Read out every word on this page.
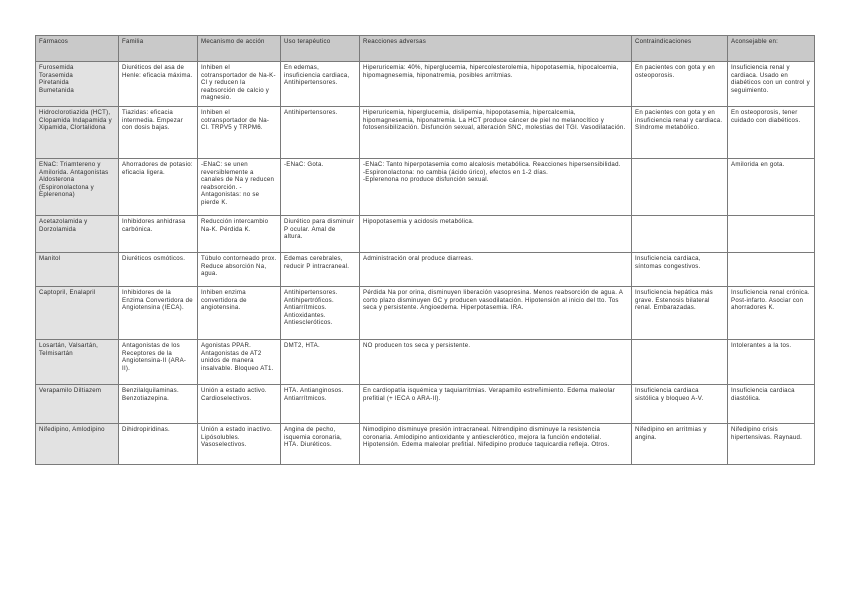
Fármacos	Familia	Mecanismo de acción	Uso terapéutico	Reacciones adversas	Contraindicaciones	Aconsejable en:
Furosemida
Torasemida
Piretanida
Bumetanida	Diuréticos del asa de Henle: eficacia máxima.	Inhiben el cotransportador de Na-K-Cl y reducen la reabsorción de calcio y magnesio.	En edemas, insuficiencia cardiaca, Antihipertensores.	Hiperuricemia: 40%, hiperglucemia, hipercolesterolemia, hipopotasemia, hipocalcemia, hipomagnesemia, hiponatremia, posibles arritmias.	En pacientes con gota y en osteoporosis.	Insuficiencia renal y cardiaca. Usado en diabéticos con un control y seguimiento.
Hidroclorotiazida (HCT), Clopamida Indapamida y Xipamida, Clortalidona	Tiazidas: eficacia intermedia. Empezar con dosis bajas.	Inhiben el cotransportador de Na-Cl. TRPV5 y TRPM6.	Antihipertensores.	Hiperuricemia, hiperglucemia, dislipemia, hipopotasemia, hipercalcemia, hipomagnesemia, hiponatremia. La HCT produce cáncer de piel no melanocítico y fotosensibilización. Disfunción sexual, alteración SNC, molestias del TGI. Vasodilatación.	En pacientes con gota y en insuficiencia renal y cardiaca. Síndrome metabólico.	En osteoporosis, tener cuidado con diabéticos.
ENaC: Triamtereno y Amilorida. Antagonistas Aldosterona (Espironolactona y Eplerenona)	Ahorradores de potasio: eficacia ligera.	-ENaC: se unen reversiblemente a canales de Na y reducen reabsorción. -Antagonistas: no se pierde K.	-ENaC: Gota.	-ENaC: Tanto hiperpotasemia como alcalosis metabólica. Reacciones hipersensibilidad.
-Espironolactona: no cambia (ácido úrico), efectos en 1-2 días.
-Eplerenona no produce disfunción sexual.		Amilorida en gota.
Acetazolamida y Dorzolamida	Inhibidores anhidrasa carbónica.	Reducción intercambio Na-K. Pérdida K.	Diurético para disminuir P ocular. Amal de altura.	Hipopotasemia y acidosis metabólica.		
Manitol	Diuréticos osmóticos.	Túbulo contorneado prox. Reduce absorción Na, agua.	Edemas cerebrales, reducir P intracraneal.	Administración oral produce diarreas.	Insuficiencia cardiaca, síntomas congestivos.	
Captopril, Enalapril	Inhibidores de la Enzima Convertidora de Angiotensina (IECA).	Inhiben enzima convertidora de angiotensina.	Antihipertensores. Antihipertróficos. Antiarrítmicos. Antioxidantes. Antiescleróticos.	Pérdida Na por orina, disminuyen liberación vasopresina. Menos reabsorción de agua. A corto plazo disminuyen GC y producen vasodilatación. Hipotensión al inicio del tto. Tos seca y persistente. Angioedema. Hiperpotasemia. IRA.	Insuficiencia hepática más grave. Estenosis bilateral renal. Embarazadas.	Insuficiencia renal crónica. Post-infarto. Asociar con ahorradores K.
Losartán, Valsartán, Telmisartán	Antagonistas de los Receptores de la Angiotensina-II (ARA-II).	Agonistas PPAR. Antagonistas de AT2 unidos de manera insalvable. Bloqueo AT1.	DMT2, HTA.	NO producen tos seca y persistente.		Intolerantes a la tos.
Verapamilo Diltiazem	Benzilalquilaminas. Benzotiazepina.	Unión a estado activo. Cardioselectivos.	HTA. Antianginosos. Antiarrítmicos.	En cardiopatía isquémica y taquiarritmias. Verapamilo estreñimiento. Edema maleolar prefitial (+ IECA o ARA-II).	Insuficiencia cardiaca sistólica y bloqueo A-V.	Insuficiencia cardiaca diastólica.
Nifedipino, Amlodipino	Dihidropiridinas.	Unión a estado inactivo. Lipósolubles. Vasoselectivos.	Angina de pecho, isquemia coronaria, HTA. Diuréticos.	Nimodipino disminuye presión intracraneal. Nitrendipino disminuye la resistencia coronaria. Amlodipino antioxidante y antiesclerótico, mejora la función endotelial. Hipotensión. Edema maleolar prefitial. Nifedipino produce taquicardia refleja. Otros.	Nifedipino en arritmias y angina.	Nifedipino crisis hipertensivas. Raynaud.
